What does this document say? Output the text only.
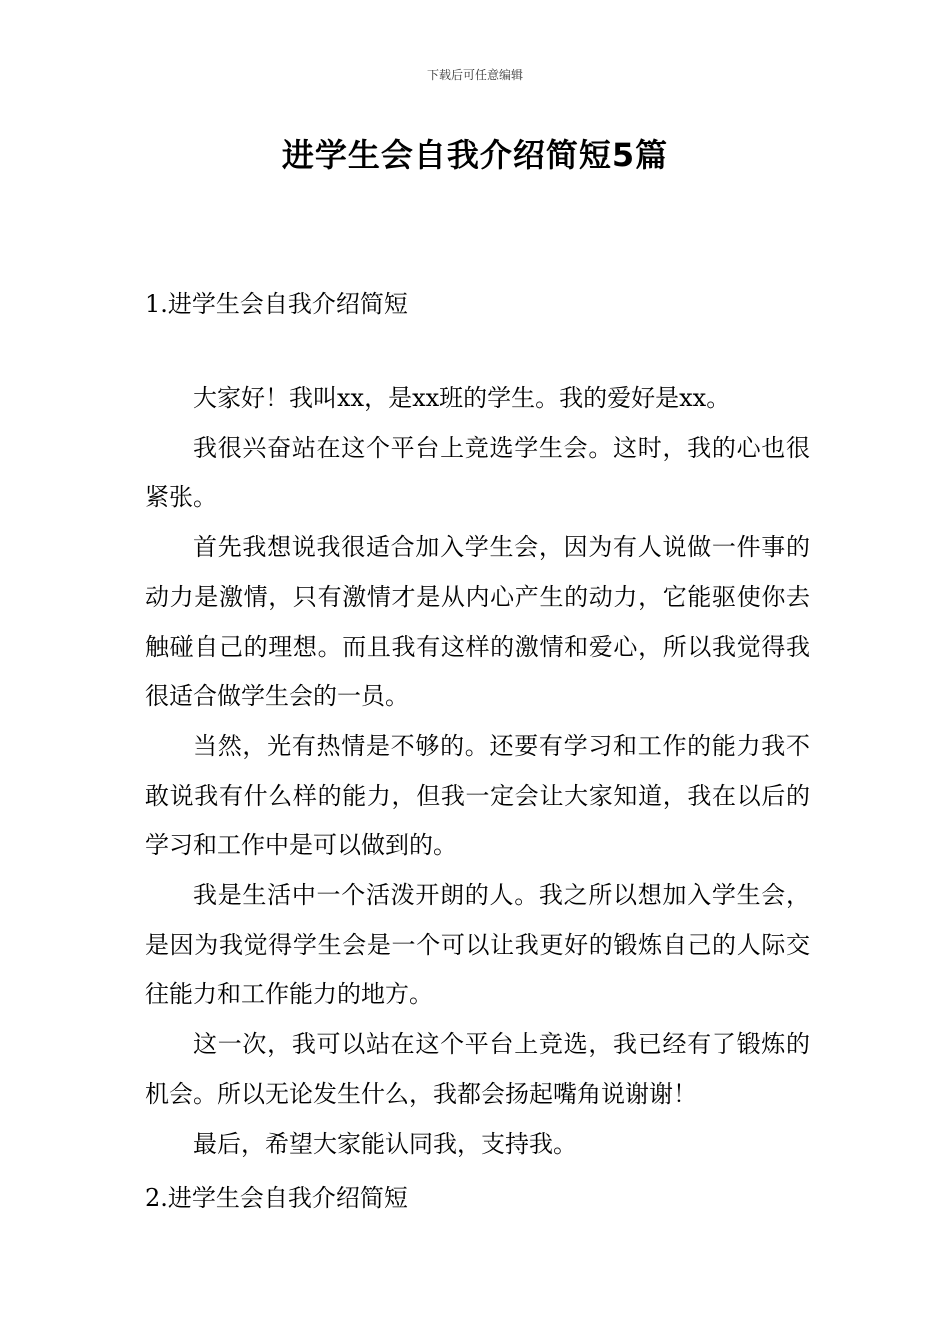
下载后可任意编辑
进学生会自我介绍简短5篇
1.进学生会自我介绍简短

大家好！我叫xx，是xx班的学生。我的爱好是xx。

我很兴奋站在这个平台上竞选学生会。这时，我的心也很紧张。

首先我想说我很适合加入学生会，因为有人说做一件事的动力是激情，只有激情才是从内心产生的动力，它能驱使你去触碰自己的理想。而且我有这样的激情和爱心，所以我觉得我很适合做学生会的一员。

当然，光有热情是不够的。还要有学习和工作的能力我不敢说我有什么样的能力，但我一定会让大家知道，我在以后的学习和工作中是可以做到的。

我是生活中一个活泼开朗的人。我之所以想加入学生会，是因为我觉得学生会是一个可以让我更好的锻炼自己的人际交往能力和工作能力的地方。

这一次，我可以站在这个平台上竞选，我已经有了锻炼的机会。所以无论发生什么，我都会扬起嘴角说谢谢！

最后，希望大家能认同我，支持我。

2.进学生会自我介绍简短
